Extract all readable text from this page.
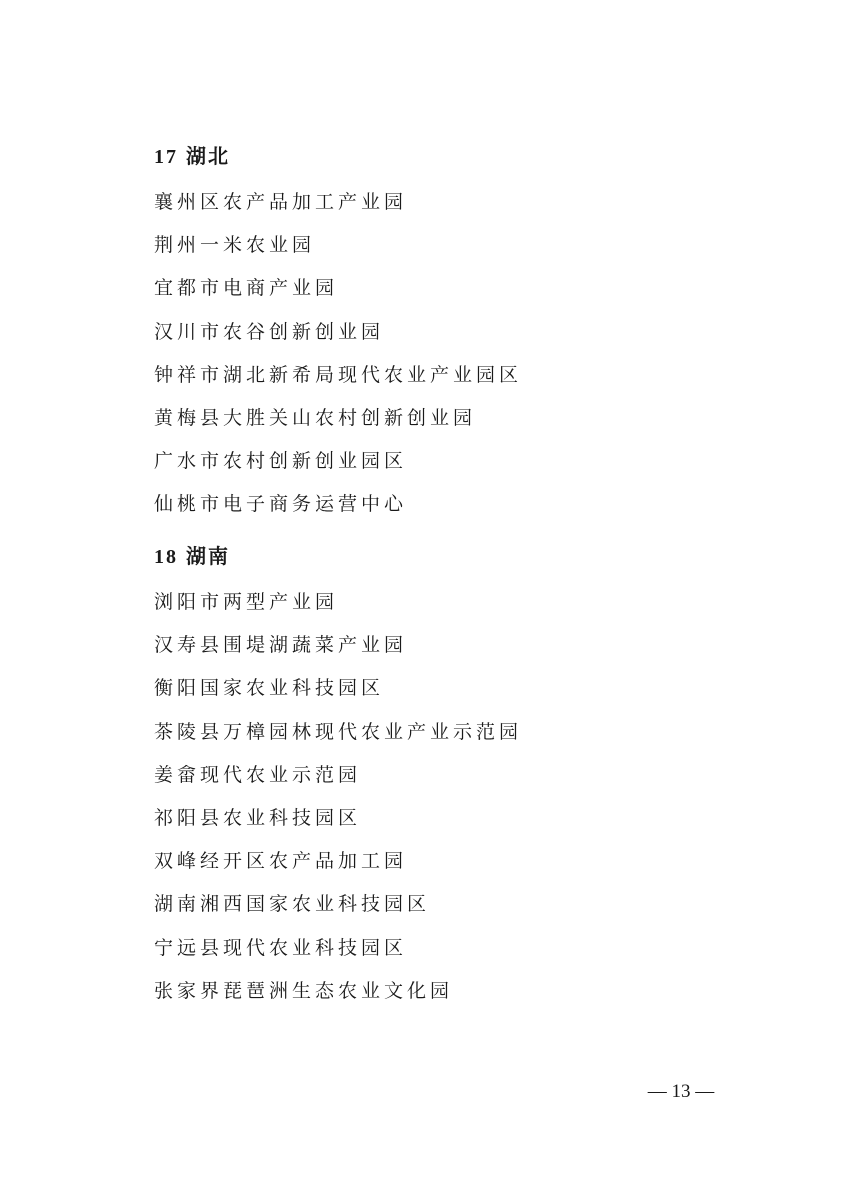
17 湖北
襄州区农产品加工产业园
荆州一米农业园
宜都市电商产业园
汉川市农谷创新创业园
钟祥市湖北新希局现代农业产业园区
黄梅县大胜关山农村创新创业园
广水市农村创新创业园区
仙桃市电子商务运营中心
18 湖南
浏阳市两型产业园
汉寿县围堤湖蔬菜产业园
衡阳国家农业科技园区
茶陵县万樟园林现代农业产业示范园
姜畲现代农业示范园
祁阳县农业科技园区
双峰经开区农产品加工园
湖南湘西国家农业科技园区
宁远县现代农业科技园区
张家界琵琶洲生态农业文化园
— 13 —
